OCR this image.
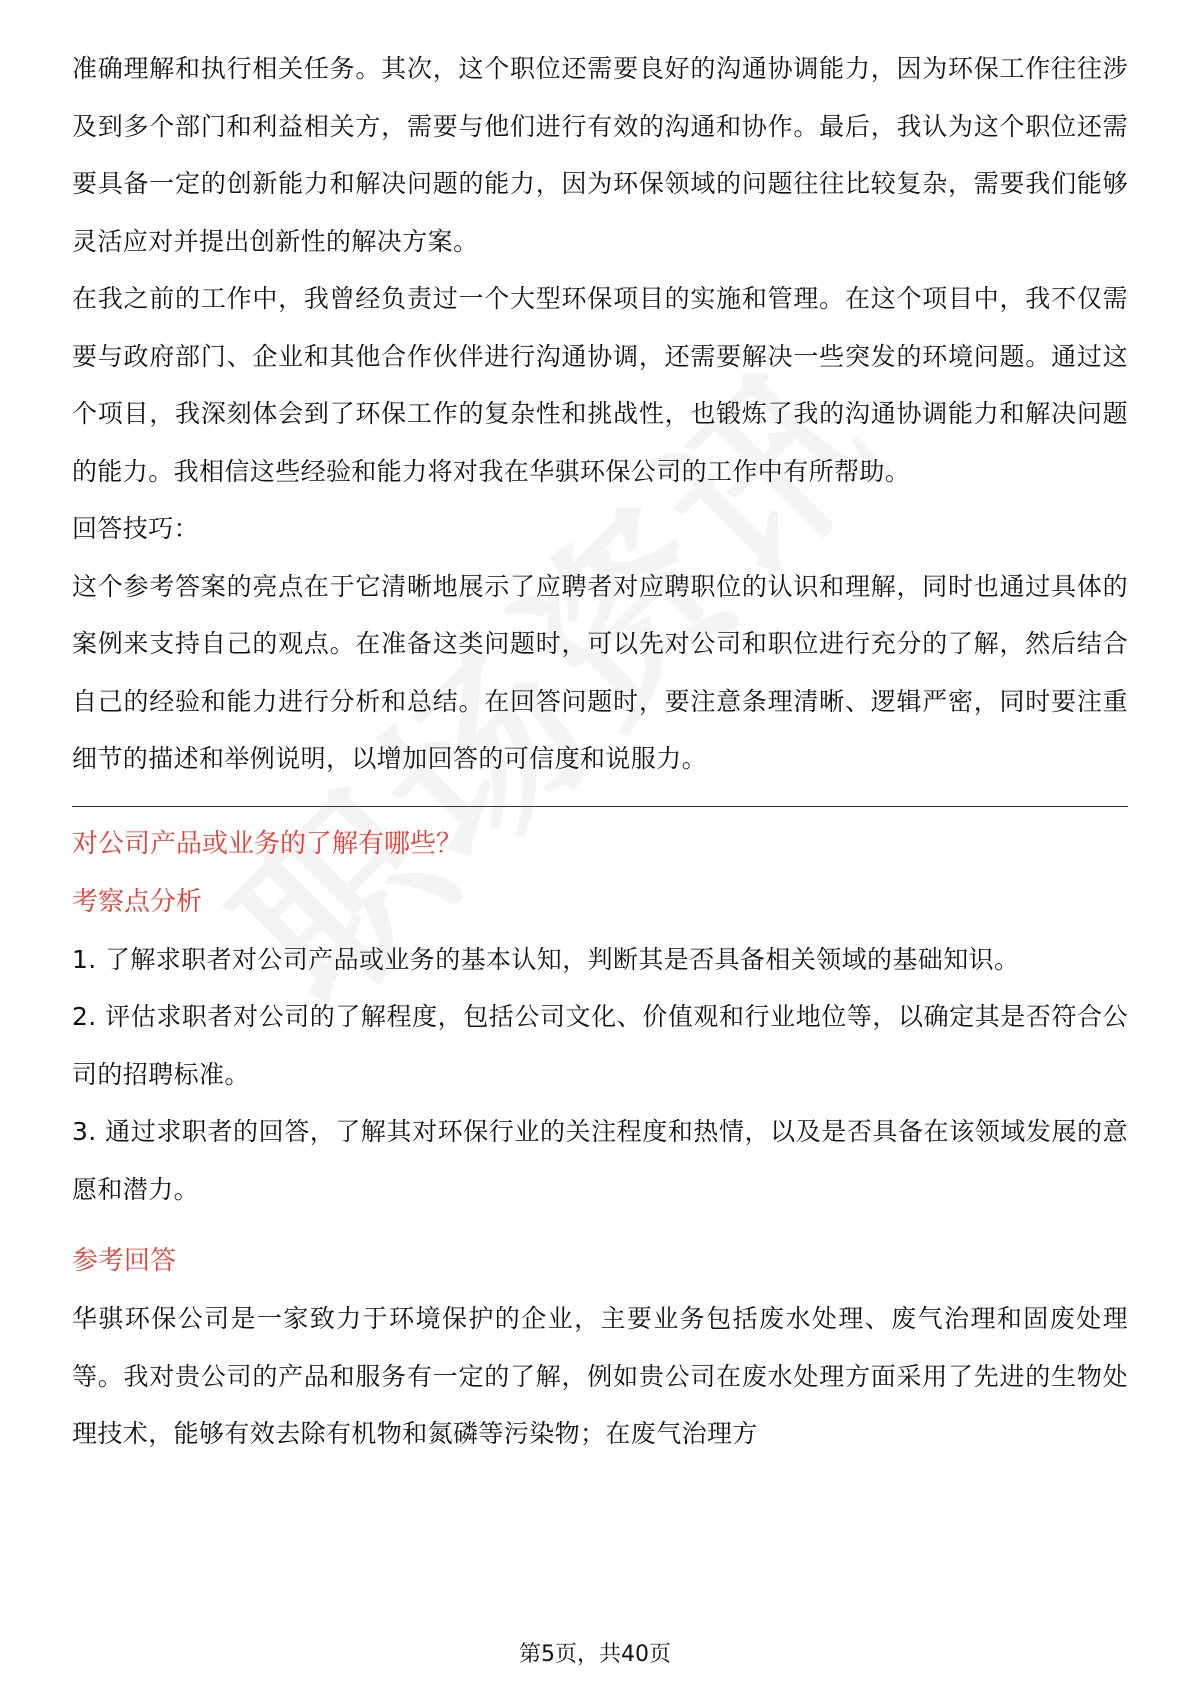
准确理解和执行相关任务。其次，这个职位还需要良好的沟通协调能力，因为环保工作往往涉及到多个部门和利益相关方，需要与他们进行有效的沟通和协作。最后，我认为这个职位还需要具备一定的创新能力和解决问题的能力，因为环保领域的问题往往比较复杂，需要我们能够灵活应对并提出创新性的解决方案。

在我之前的工作中，我曾经负责过一个大型环保项目的实施和管理。在这个项目中，我不仅需要与政府部门、企业和其他合作伙伴进行沟通协调，还需要解决一些突发的环境问题。通过这个项目，我深刻体会到了环保工作的复杂性和挑战性，也锻炼了我的沟通协调能力和解决问题的能力。我相信这些经验和能力将对我在华骐环保公司的工作中有所帮助。

回答技巧：

这个参考答案的亮点在于它清晰地展示了应聘者对应聘职位的认识和理解，同时也通过具体的案例来支持自己的观点。在准备这类问题时，可以先对公司和职位进行充分的了解，然后结合自己的经验和能力进行分析和总结。在回答问题时，要注意条理清晰、逻辑严密，同时要注重细节的描述和举例说明，以增加回答的可信度和说服力。

对公司产品或业务的了解有哪些？

考察点分析

1. 了解求职者对公司产品或业务的基本认知，判断其是否具备相关领域的基础知识。

2. 评估求职者对公司的了解程度，包括公司文化、价值观和行业地位等，以确定其是否符合公司的招聘标准。

3. 通过求职者的回答，了解其对环保行业的关注程度和热情，以及是否具备在该领域发展的意愿和潜力。

参考回答

华骐环保公司是一家致力于环境保护的企业，主要业务包括废水处理、废气治理和固废处理等。我对贵公司的产品和服务有一定的了解，例如贵公司在废水处理方面采用了先进的生物处理技术，能够有效去除有机物和氮磷等污染物；在废气治理方

第5页，共40页
